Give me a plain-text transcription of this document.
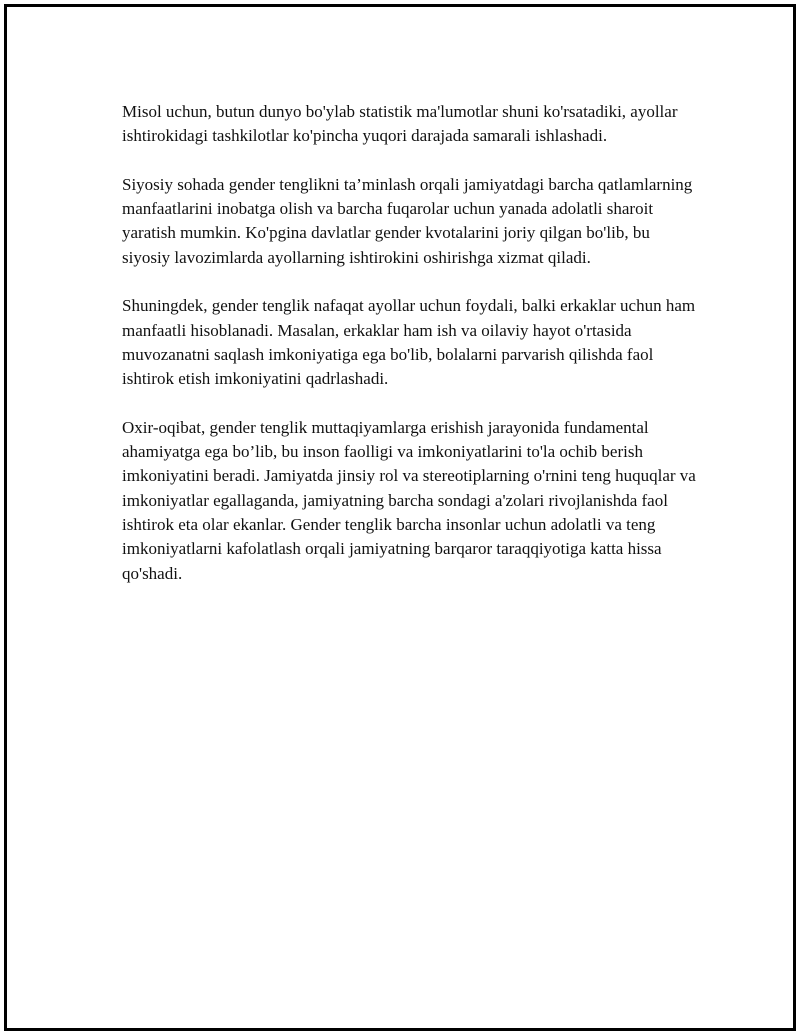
Misol uchun, butun dunyo bo'ylab statistik ma'lumotlar shuni ko'rsatadiki, ayollar ishtirokidagi tashkilotlar ko'pincha yuqori darajada samarali ishlashadi.

Siyosiy sohada gender tenglikni ta’minlash orqali jamiyatdagi barcha qatlamlarning manfaatlarini inobatga olish va barcha fuqarolar uchun yanada adolatli sharoit yaratish mumkin. Ko'pgina davlatlar gender kvotalarini joriy qilgan bo'lib, bu siyosiy lavozimlarda ayollarning ishtirokini oshirishga xizmat qiladi.

Shuningdek, gender tenglik nafaqat ayollar uchun foydali, balki erkaklar uchun ham manfaatli hisoblanadi. Masalan, erkaklar ham ish va oilaviy hayot o'rtasida muvozanatni saqlash imkoniyatiga ega bo'lib, bolalarni parvarish qilishda faol ishtirok etish imkoniyatini qadrlashadi.

Oxir-oqibat, gender tenglik muttaqiyamlarga erishish jarayonida fundamental ahamiyatga ega bo’lib, bu inson faolligi va imkoniyatlarini to'la ochib berish imkoniyatini beradi. Jamiyatda jinsiy rol va stereotiplarning o'rnini teng huquqlar va imkoniyatlar egallaganda, jamiyatning barcha sondagi a'zolari rivojlanishda faol ishtirok eta olar ekanlar. Gender tenglik barcha insonlar uchun adolatli va teng imkoniyatlarni kafolatlash orqali jamiyatning barqaror taraqqiyotiga katta hissa qo'shadi.
